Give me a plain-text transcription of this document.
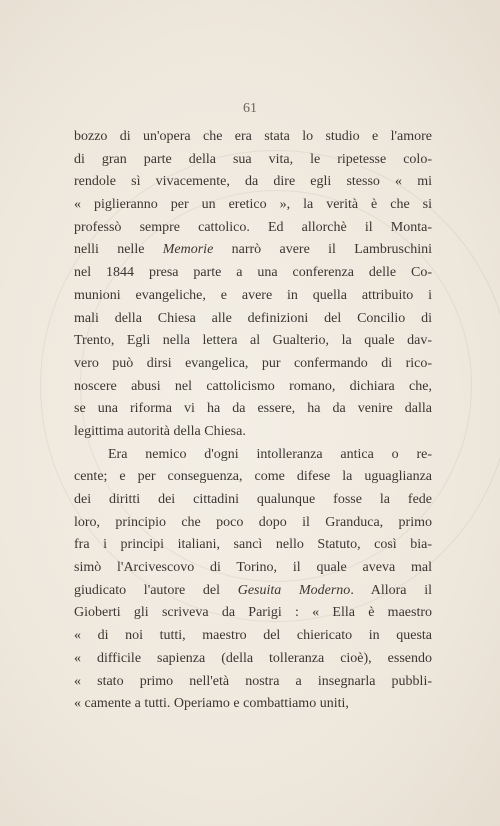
61
bozzo di un'opera che era stata lo studio e l'amore
di gran parte della sua vita, le ripetesse colo-
rendole sì vivacemente, da dire egli stesso « mi
« piglieranno per un eretico », la verità è che si
professò sempre cattolico. Ed allorchè il Monta-
nelli nelle Memorie narrò avere il Lambruschini
nel 1844 presa parte a una conferenza delle Co-
munioni evangeliche, e avere in quella attribuito i
mali della Chiesa alle definizioni del Concilio di
Trento, Egli nella lettera al Gualterio, la quale dav-
vero può dirsi evangelica, pur confermando di rico-
noscere abusi nel cattolicismo romano, dichiara che,
se una riforma vi ha da essere, ha da venire dalla
legittima autorità della Chiesa.
Era nemico d'ogni intolleranza antica o re-
cente; e per conseguenza, come difese la uguaglianza
dei diritti dei cittadini qualunque fosse la fede
loro, principio che poco dopo il Granduca, primo
fra i principi italiani, sancì nello Statuto, così bia-
simò l'Arcivescovo di Torino, il quale aveva mal
giudicato l'autore del Gesuita Moderno. Allora il
Gioberti gli scriveva da Parigi : « Ella è maestro
« di noi tutti, maestro del chiericato in questa
« difficile sapienza (della tolleranza cioè), essendo
« stato primo nell'età nostra a insegnarla pubbli-
« camente a tutti. Operiamo e combattiamo uniti,
